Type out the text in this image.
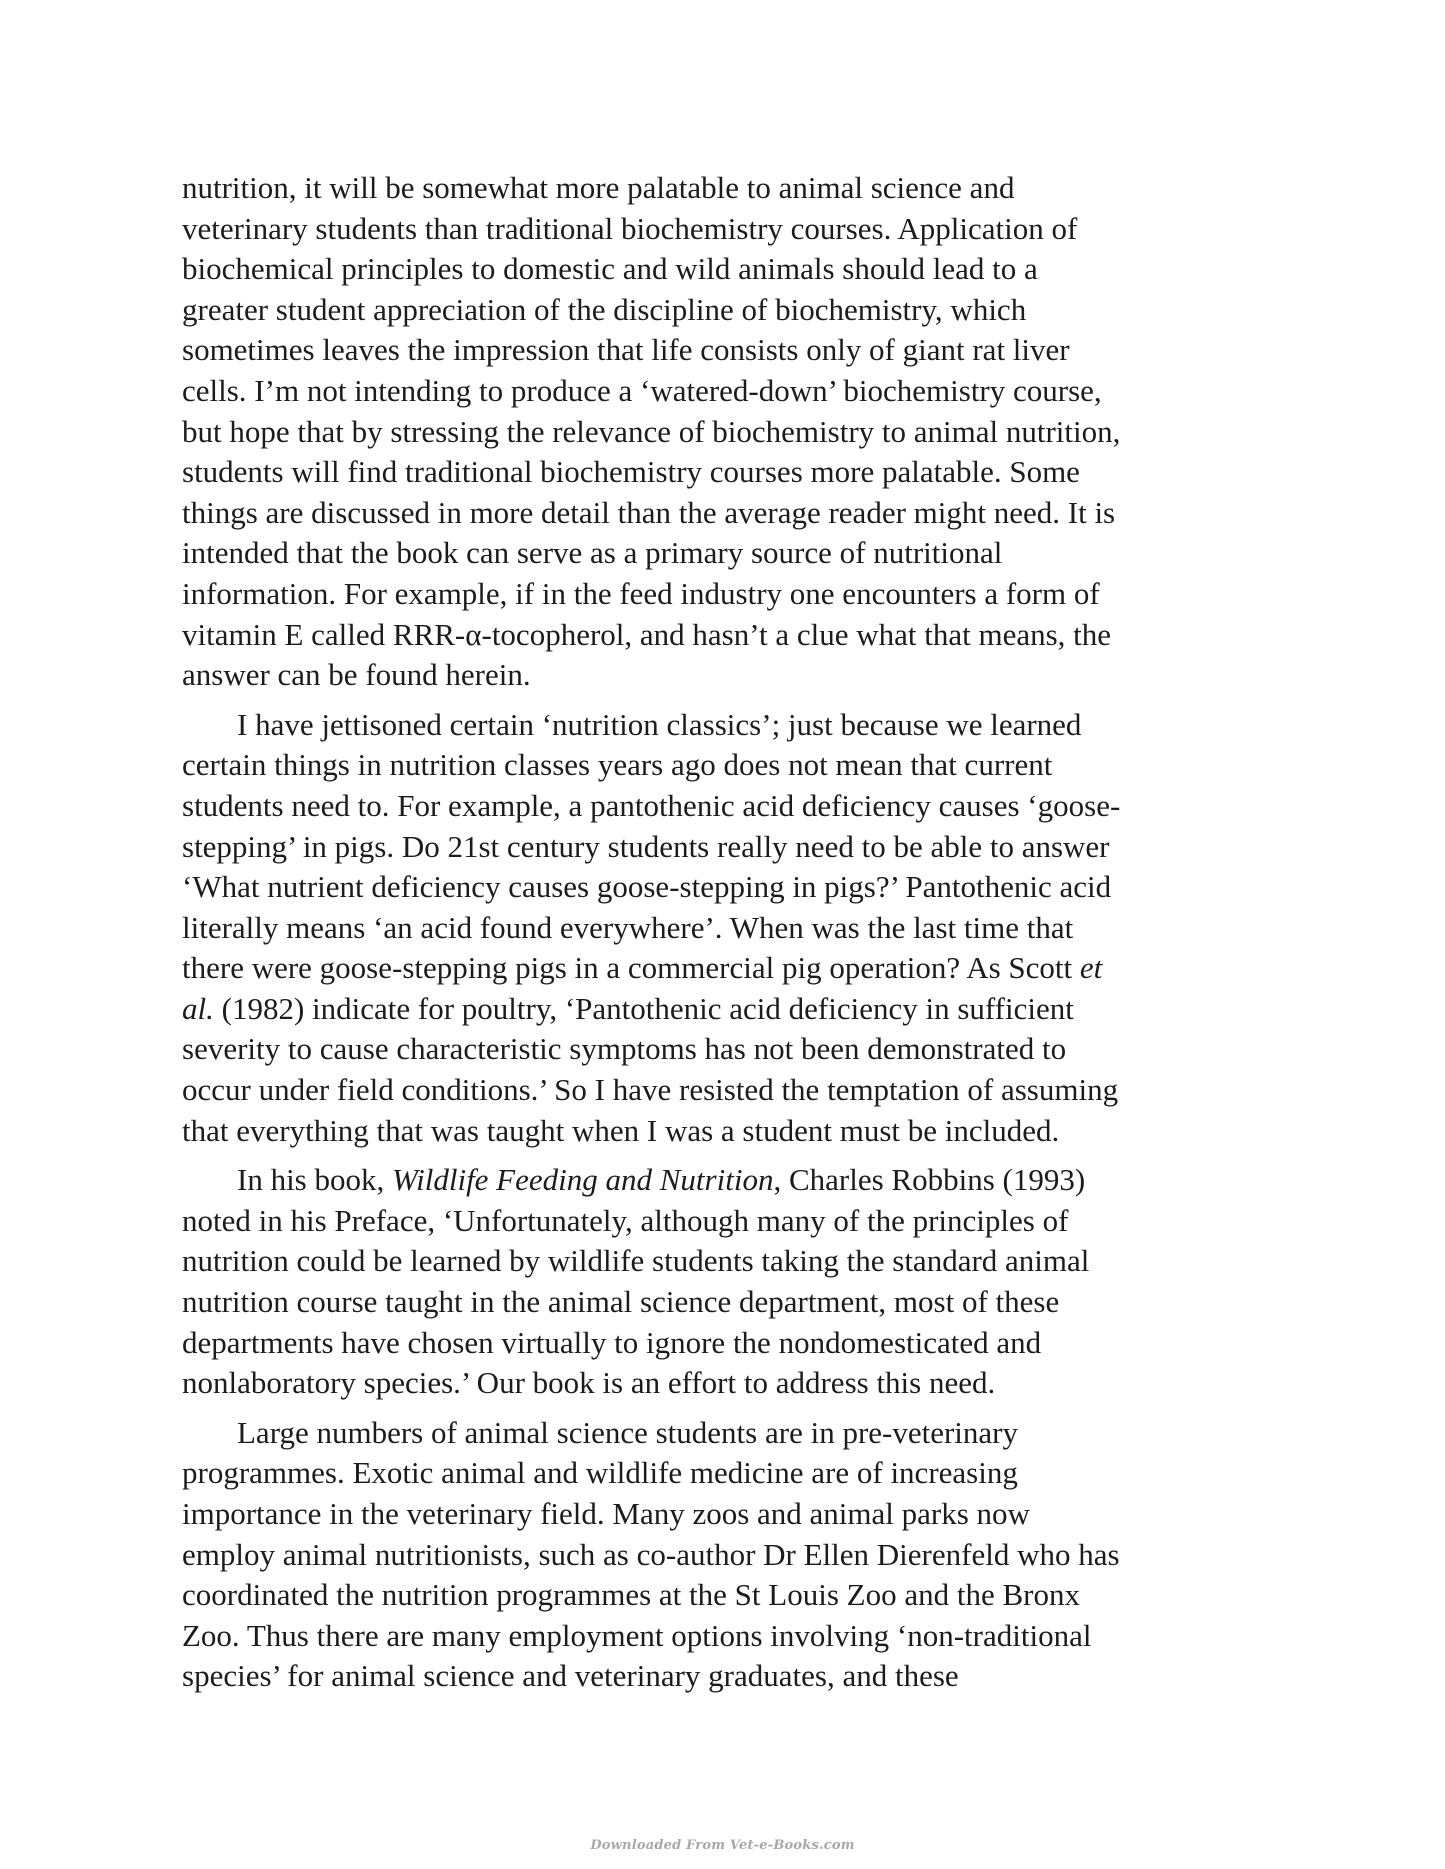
nutrition, it will be somewhat more palatable to animal science and
veterinary students than traditional biochemistry courses. Application of
biochemical principles to domestic and wild animals should lead to a
greater student appreciation of the discipline of biochemistry, which
sometimes leaves the impression that life consists only of giant rat liver
cells. I’m not intending to produce a ‘watered-down’ biochemistry course,
but hope that by stressing the relevance of biochemistry to animal nutrition,
students will find traditional biochemistry courses more palatable. Some
things are discussed in more detail than the average reader might need. It is
intended that the book can serve as a primary source of nutritional
information. For example, if in the feed industry one encounters a form of
vitamin E called RRR-α-tocopherol, and hasn’t a clue what that means, the
answer can be found herein.
I have jettisoned certain ‘nutrition classics’; just because we learned
certain things in nutrition classes years ago does not mean that current
students need to. For example, a pantothenic acid deficiency causes ‘goose-
stepping’ in pigs. Do 21st century students really need to be able to answer
‘What nutrient deficiency causes goose-stepping in pigs?’ Pantothenic acid
literally means ‘an acid found everywhere’. When was the last time that
there were goose-stepping pigs in a commercial pig operation? As Scott et
al. (1982) indicate for poultry, ‘Pantothenic acid deficiency in sufficient
severity to cause characteristic symptoms has not been demonstrated to
occur under field conditions.’ So I have resisted the temptation of assuming
that everything that was taught when I was a student must be included.
In his book, Wildlife Feeding and Nutrition, Charles Robbins (1993)
noted in his Preface, ‘Unfortunately, although many of the principles of
nutrition could be learned by wildlife students taking the standard animal
nutrition course taught in the animal science department, most of these
departments have chosen virtually to ignore the nondomesticated and
nonlaboratory species.’ Our book is an effort to address this need.
Large numbers of animal science students are in pre-veterinary
programmes. Exotic animal and wildlife medicine are of increasing
importance in the veterinary field. Many zoos and animal parks now
employ animal nutritionists, such as co-author Dr Ellen Dierenfeld who has
coordinated the nutrition programmes at the St Louis Zoo and the Bronx
Zoo. Thus there are many employment options involving ‘non-traditional
species’ for animal science and veterinary graduates, and these
Downloaded From Vet-e-Books.com
